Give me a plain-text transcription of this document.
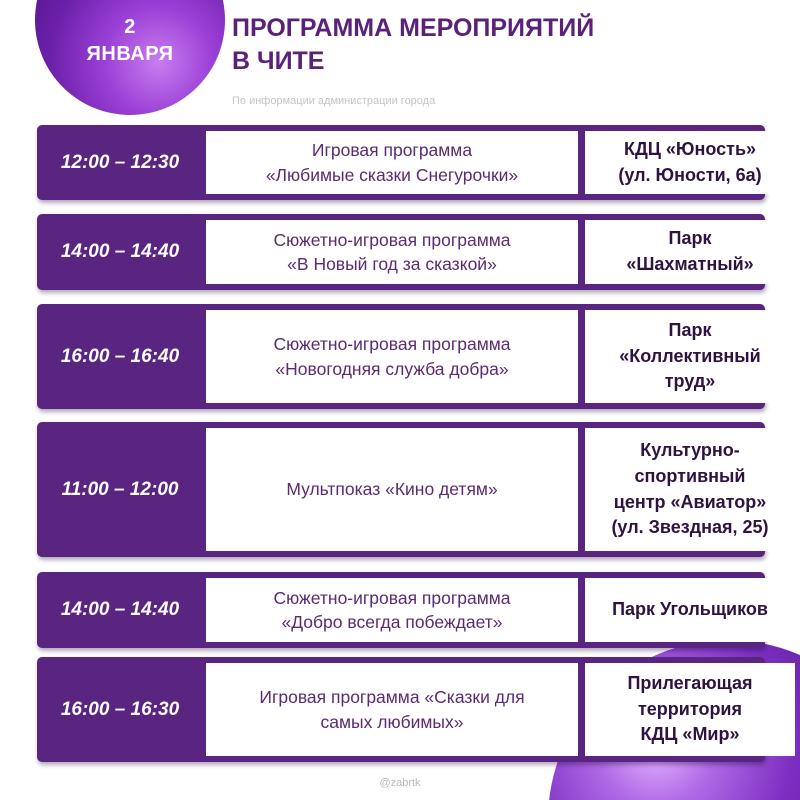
2
ЯНВАРЯ
ПРОГРАММА МЕРОПРИЯТИЙ
В ЧИТЕ
По информации администрации города
12:00 – 12:30
Игровая программа
«Любимые сказки Снегурочки»
КДЦ «Юность»
(ул. Юности, 6а)
14:00 – 14:40
Сюжетно-игровая программа
«В Новый год за сказкой»
Парк
«Шахматный»
16:00 – 16:40
Сюжетно-игровая программа
«Новогодняя служба добра»
Парк
«Коллективный
труд»
11:00 – 12:00	Мультпоказ «Кино детям»
Культурно-
спортивный
центр «Авиатор»
(ул. Звездная, 25)
14:00 – 14:40
Сюжетно-игровая программа
«Добро всегда побеждает»
Парк Угольщиков
16:00 – 16:30
Игровая программа «Сказки для
самых любимых»
Прилегающая
территория
КДЦ «Мир»
@zabrtk
